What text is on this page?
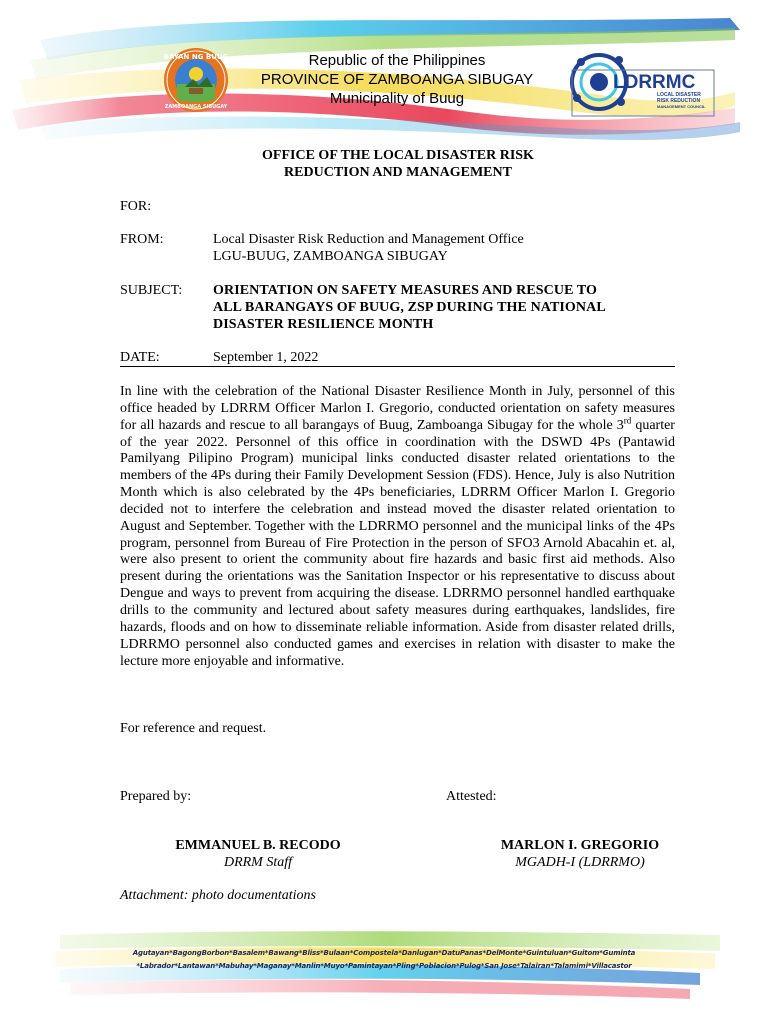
BAYAN NG BUUG
ZAMBOANGA SIBUGAY
Republic of the Philippines
PROVINCE OF ZAMBOANGA SIBUGAY
Municipality of Buug
LDRRMC
LOCAL DISASTER
RISK REDUCTION
MANAGEMENT COUNCIL
OFFICE OF THE LOCAL DISASTER RISK
REDUCTION AND MANAGEMENT
FOR:
FROM:	Local Disaster Risk Reduction and Management Office
LGU-BUUG, ZAMBOANGA SIBUGAY
SUBJECT: ORIENTATION ON SAFETY MEASURES AND RESCUE TO
ALL BARANGAYS OF BUUG, ZSP DURING THE NATIONAL
DISASTER RESILIENCE MONTH
DATE:	September 1, 2022
In line with the celebration of the National Disaster Resilience Month in July, personnel of this office headed by LDRRM Officer Marlon I. Gregorio, conducted orientation on safety measures for all hazards and rescue to all barangays of Buug, Zamboanga Sibugay for the whole 3rd quarter of the year 2022. Personnel of this office in coordination with the DSWD 4Ps (Pantawid Pamilyang Pilipino Program) municipal links conducted disaster related orientations to the members of the 4Ps during their Family Development Session (FDS). Hence, July is also Nutrition Month which is also celebrated by the 4Ps beneficiaries, LDRRM Officer Marlon I. Gregorio decided not to interfere the celebration and instead moved the disaster related orientation to August and September. Together with the LDRRMO personnel and the municipal links of the 4Ps program, personnel from Bureau of Fire Protection in the person of SFO3 Arnold Abacahin et. al, were also present to orient the community about fire hazards and basic first aid methods. Also present during the orientations was the Sanitation Inspector or his representative to discuss about Dengue and ways to prevent from acquiring the disease. LDRRMO personnel handled earthquake drills to the community and lectured about safety measures during earthquakes, landslides, fire hazards, floods and on how to disseminate reliable information. Aside from disaster related drills, LDRRMO personnel also conducted games and exercises in relation with disaster to make the lecture more enjoyable and informative.
For reference and request.
Prepared by:	Attested:
EMMANUEL B. RECODO
DRRM Staff
MARLON I. GREGORIO
MGADH-I (LDRRMO)
Attachment: photo documentations
Agutayan*BagongBorbon*Basalem*Bawang*Bliss*Bulaan*Compostela*Danlugan*DatuPanas*DelMonte*Guintuluan*Guitom*Guminta
*Labrador*Lantawan*Mabuhay*Maganay*Manlin*Muyo*Pamintayan*Pling*Poblacion*Pulog*San Jose*Talairan*Talamimi*Villacastor
